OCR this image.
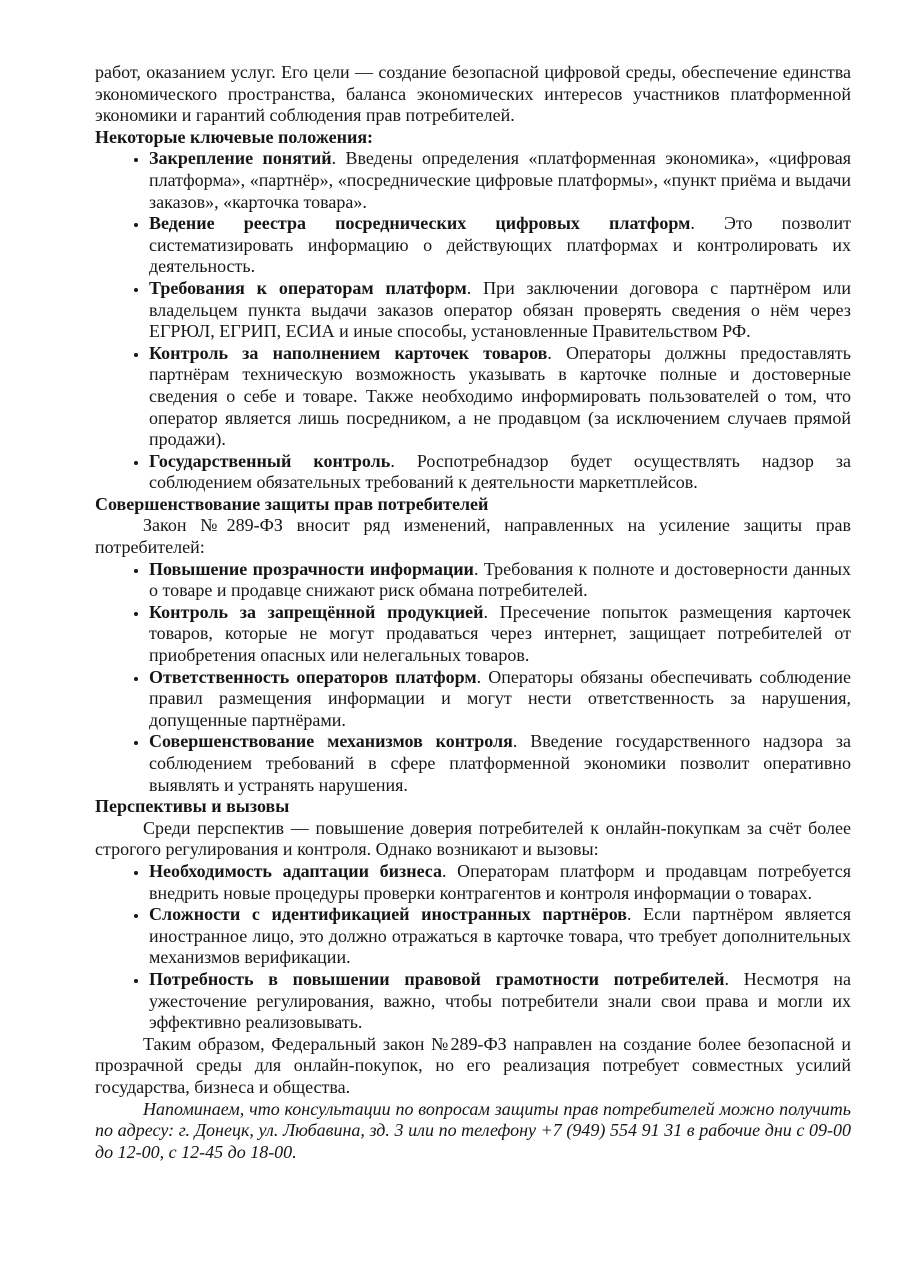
работ, оказанием услуг. Его цели — создание безопасной цифровой среды, обеспечение единства экономического пространства, баланса экономических интересов участников платформенной экономики и гарантий соблюдения прав потребителей.

Некоторые ключевые положения:
• Закрепление понятий. Введены определения «платформенная экономика», «цифровая платформа», «партнёр», «посреднические цифровые платформы», «пункт приёма и выдачи заказов», «карточка товара».
• Ведение реестра посреднических цифровых платформ. Это позволит систематизировать информацию о действующих платформах и контролировать их деятельность.
• Требования к операторам платформ. При заключении договора с партнёром или владельцем пункта выдачи заказов оператор обязан проверять сведения о нём через ЕГРЮЛ, ЕГРИП, ЕСИА и иные способы, установленные Правительством РФ.
• Контроль за наполнением карточек товаров. Операторы должны предоставлять партнёрам техническую возможность указывать в карточке полные и достоверные сведения о себе и товаре. Также необходимо информировать пользователей о том, что оператор является лишь посредником, а не продавцом (за исключением случаев прямой продажи).
• Государственный контроль. Роспотребнадзор будет осуществлять надзор за соблюдением обязательных требований к деятельности маркетплейсов.
Совершенствование защиты прав потребителей

Закон №289-ФЗ вносит ряд изменений, направленных на усиление защиты прав потребителей:

• Повышение прозрачности информации. Требования к полноте и достоверности данных о товаре и продавце снижают риск обмана потребителей.
• Контроль за запрещённой продукцией. Пресечение попыток размещения карточек товаров, которые не могут продаваться через интернет, защищает потребителей от приобретения опасных или нелегальных товаров.
• Ответственность операторов платформ. Операторы обязаны обеспечивать соблюдение правил размещения информации и могут нести ответственность за нарушения, допущенные партнёрами.
• Совершенствование механизмов контроля. Введение государственного надзора за соблюдением требований в сфере платформенной экономики позволит оперативно выявлять и устранять нарушения.
Перспективы и вызовы

Среди перспектив — повышение доверия потребителей к онлайн-покупкам за счёт более строгого регулирования и контроля. Однако возникают и вызовы:

• Необходимость адаптации бизнеса. Операторам платформ и продавцам потребуется внедрить новые процедуры проверки контрагентов и контроля информации о товарах.
• Сложности с идентификацией иностранных партнёров. Если партнёром является иностранное лицо, это должно отражаться в карточке товара, что требует дополнительных механизмов верификации.
• Потребность в повышении правовой грамотности потребителей. Несмотря на ужесточение регулирования, важно, чтобы потребители знали свои права и могли их эффективно реализовывать.

Таким образом, Федеральный закон №289-ФЗ направлен на создание более безопасной и прозрачной среды для онлайн-покупок, но его реализация потребует совместных усилий государства, бизнеса и общества.

Напоминаем, что консультации по вопросам защиты прав потребителей можно получить по адресу: г. Донецк, ул. Любавина, зд. 3 или по телефону +7 (949) 554 91 31 в рабочие дни с 09-00 до 12-00, с 12-45 до 18-00.
